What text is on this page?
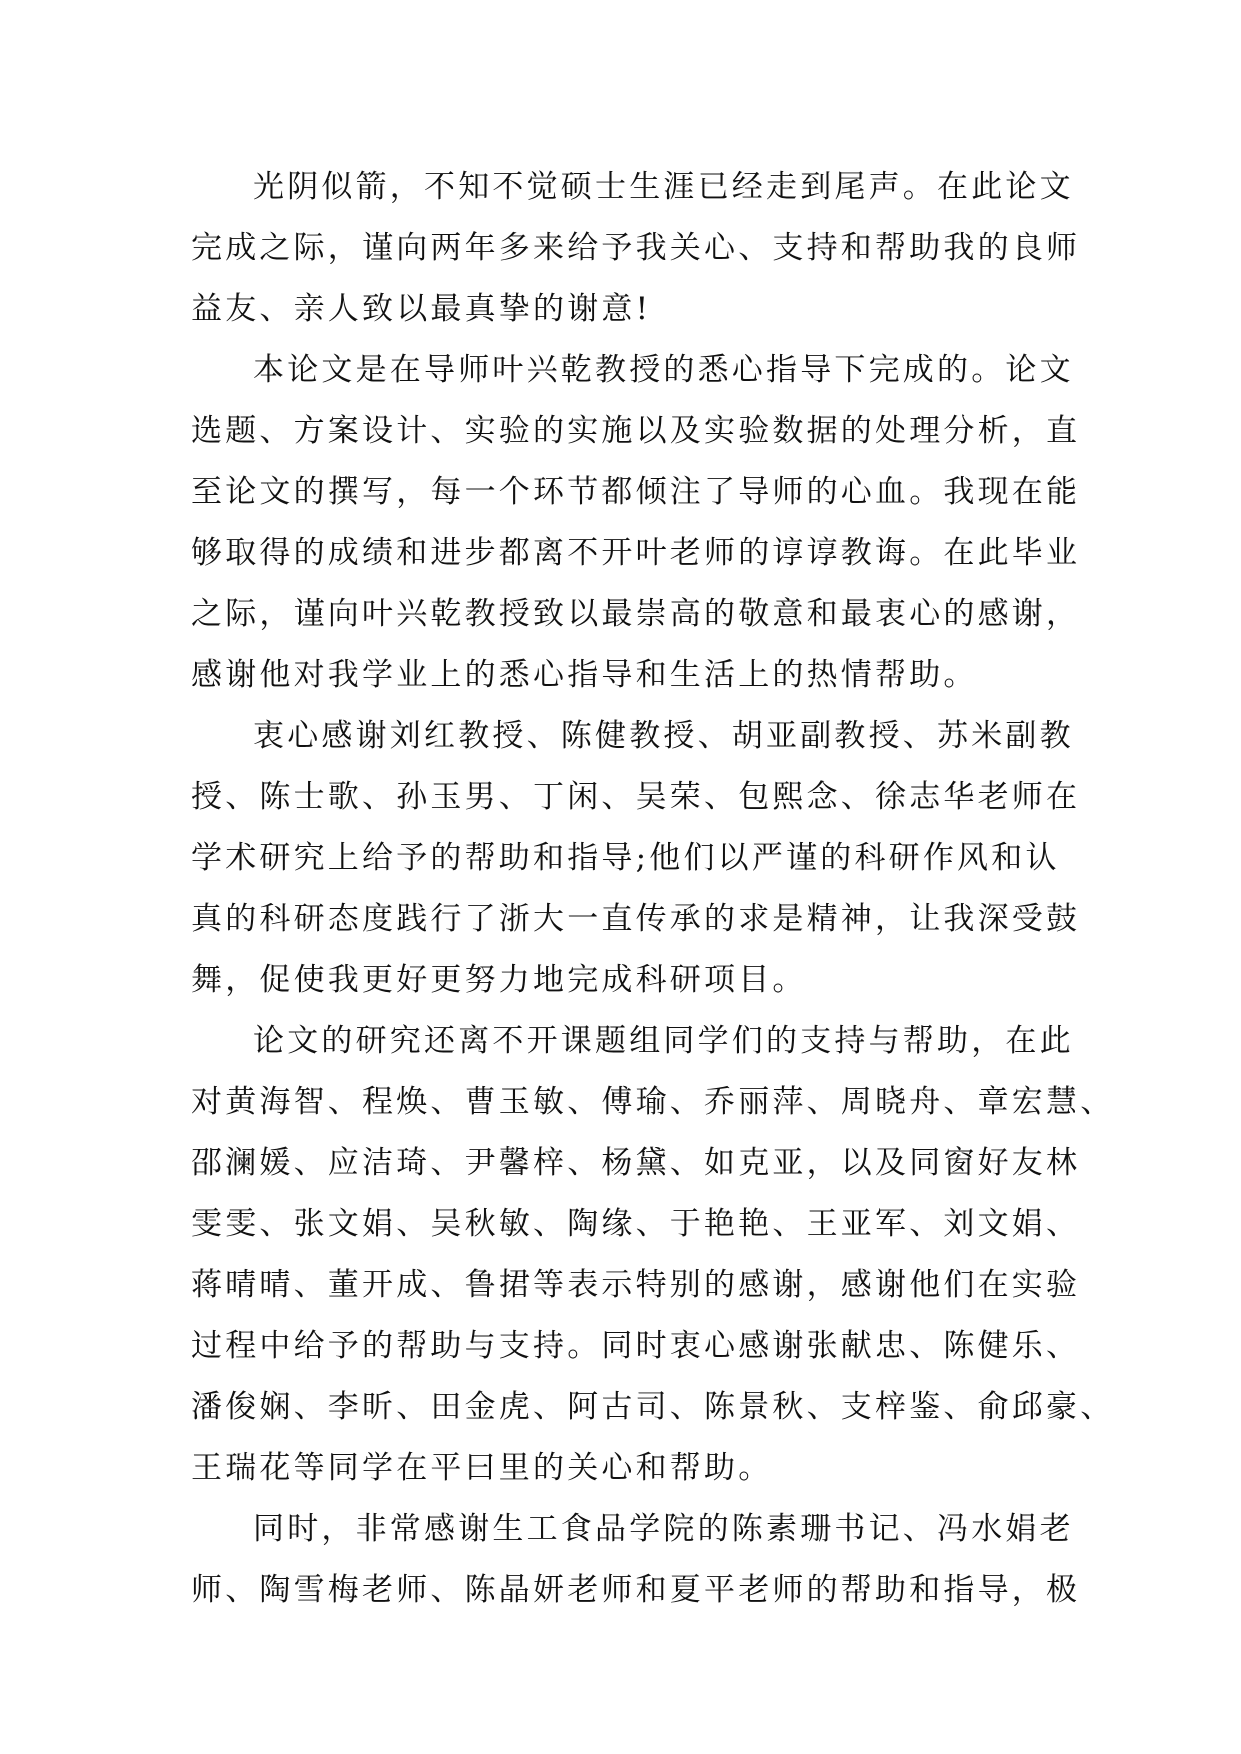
光阴似箭，不知不觉硕士生涯已经走到尾声。在此论文
完成之际，谨向两年多来给予我关心、支持和帮助我的良师
益友、亲人致以最真挚的谢意!
本论文是在导师叶兴乾教授的悉心指导下完成的。论文
选题、方案设计、实验的实施以及实验数据的处理分析，直
至论文的撰写，每一个环节都倾注了导师的心血。我现在能
够取得的成绩和进步都离不开叶老师的谆谆教诲。在此毕业
之际，谨向叶兴乾教授致以最崇高的敬意和最衷心的感谢，
感谢他对我学业上的悉心指导和生活上的热情帮助。
衷心感谢刘红教授、陈健教授、胡亚副教授、苏米副教
授、陈士歌、孙玉男、丁闲、吴荣、包熙念、徐志华老师在
学术研究上给予的帮助和指导;他们以严谨的科研作风和认
真的科研态度践行了浙大一直传承的求是精神，让我深受鼓
舞，促使我更好更努力地完成科研项目。
论文的研究还离不开课题组同学们的支持与帮助，在此
对黄海智、程焕、曹玉敏、傅瑜、乔丽萍、周晓舟、章宏慧、
邵澜媛、应洁琦、尹馨梓、杨黛、如克亚，以及同窗好友林
雯雯、张文娟、吴秋敏、陶缘、于艳艳、王亚军、刘文娟、
蒋晴晴、董开成、鲁捃等表示特别的感谢，感谢他们在实验
过程中给予的帮助与支持。同时衷心感谢张献忠、陈健乐、
潘俊娴、李昕、田金虎、阿古司、陈景秋、支梓鉴、俞邱豪、
王瑞花等同学在平曰里的关心和帮助。
同时，非常感谢生工食品学院的陈素珊书记、冯水娟老
师、陶雪梅老师、陈晶妍老师和夏平老师的帮助和指导，极
